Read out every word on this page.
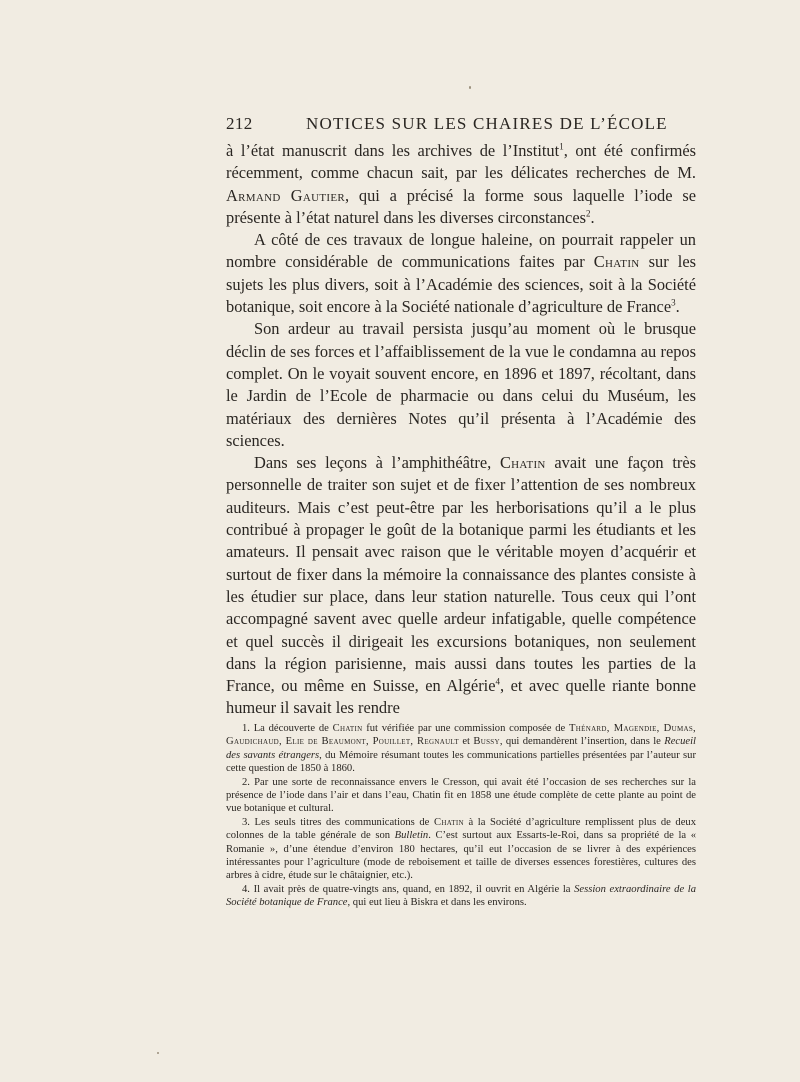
212	NOTICES SUR LES CHAIRES DE L’ÉCOLE

à l’état manuscrit dans les archives de l’Institut$^1$, ont été confirmés récemment, comme chacun sait, par les délicates recherches de M. Armand Gautier, qui a précisé la forme sous laquelle l’iode se présente à l’état naturel dans les diverses circonstances$^2$.

A côté de ces travaux de longue haleine, on pourrait rappeler un nombre considérable de communications faites par Chatin sur les sujets les plus divers, soit à l’Académie des sciences, soit à la Société botanique, soit encore à la Société nationale d’agriculture de France$^3$.

Son ardeur au travail persista jusqu’au moment où le brusque déclin de ses forces et l’affaiblissement de la vue le condamna au repos complet. On le voyait souvent encore, en 1896 et 1897, récoltant, dans le Jardin de l’Ecole de pharmacie ou dans celui du Muséum, les matériaux des dernières Notes qu’il présenta à l’Académie des sciences.

Dans ses leçons à l’amphithéâtre, Chatin avait une façon très personnelle de traiter son sujet et de fixer l’attention de ses nombreux auditeurs. Mais c’est peut-être par les herborisations qu’il a le plus contribué à propager le goût de la botanique parmi les étudiants et les amateurs. Il pensait avec raison que le véritable moyen d’acquérir et surtout de fixer dans la mémoire la connaissance des plantes consiste à les étudier sur place, dans leur station naturelle. Tous ceux qui l’ont accompagné savent avec quelle ardeur infatigable, quelle compétence et quel succès il dirigeait les excursions botaniques, non seulement dans la région parisienne, mais aussi dans toutes les parties de la France, ou même en Suisse, en Algérie$^4$, et avec quelle riante bonne humeur il savait les rendre

1. La découverte de Chatin fut vérifiée par une commission composée de Thénard, Magendie, Dumas, Gaudichaud, Elie de Beaumont, Pouillet, Regnault et Bussy, qui demandèrent l’insertion, dans le Recueil des savants étrangers, du Mémoire résumant toutes les communications partielles présentées par l’auteur sur cette question de 1850 à 1860.

2. Par une sorte de reconnaissance envers le Cresson, qui avait été l’occasion de ses recherches sur la présence de l’iode dans l’air et dans l’eau, Chatin fit en 1858 une étude complète de cette plante au point de vue botanique et cultural.

3. Les seuls titres des communications de Chatin à la Société d’agriculture remplissent plus de deux colonnes de la table générale de son Bulletin. C’est surtout aux Essarts-le-Roi, dans sa propriété de la « Romanie », d’une étendue d’environ 180 hectares, qu’il eut l’occasion de se livrer à des expériences intéressantes pour l’agriculture (mode de reboisement et taille de diverses essences forestières, cultures des arbres à cidre, étude sur le châtaignier, etc.).

4. Il avait près de quatre-vingts ans, quand, en 1892, il ouvrit en Algérie la Session extraordinaire de la Société botanique de France, qui eut lieu à Biskra et dans les environs.
